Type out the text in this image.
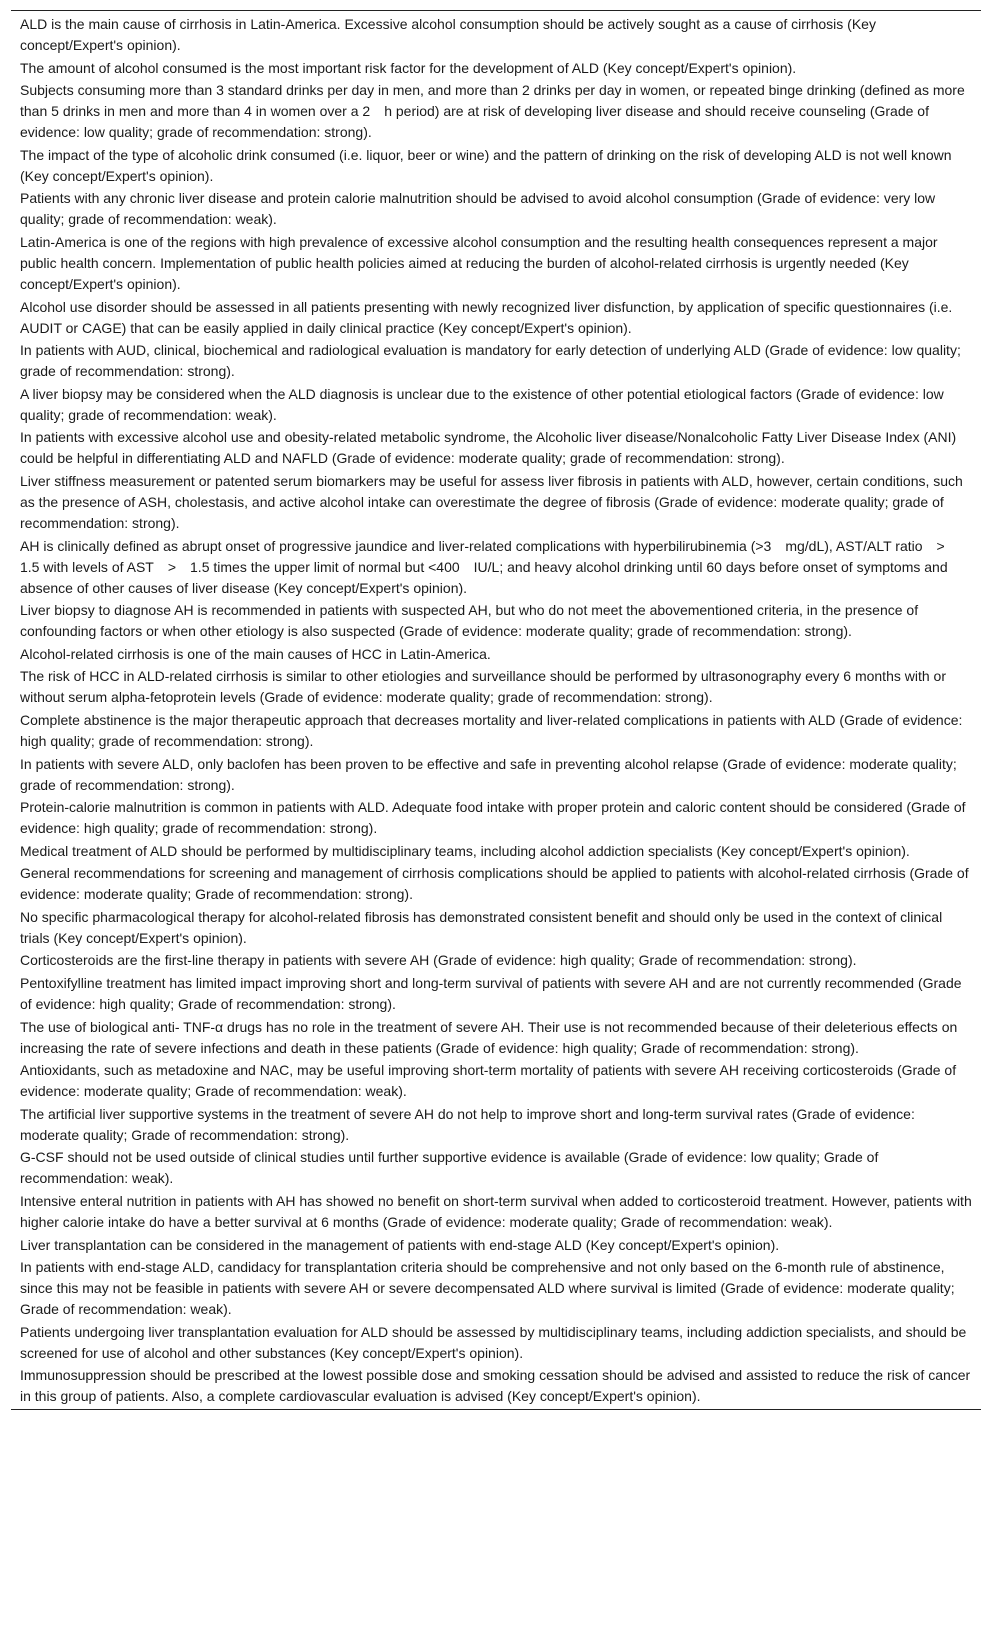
ALD is the main cause of cirrhosis in Latin-America. Excessive alcohol consumption should be actively sought as a cause of cirrhosis (Key concept/Expert's opinion).
The amount of alcohol consumed is the most important risk factor for the development of ALD (Key concept/Expert's opinion).
Subjects consuming more than 3 standard drinks per day in men, and more than 2 drinks per day in women, or repeated binge drinking (defined as more than 5 drinks in men and more than 4 in women over a 2    h period) are at risk of developing liver disease and should receive counseling (Grade of evidence: low quality; grade of recommendation: strong).
The impact of the type of alcoholic drink consumed (i.e. liquor, beer or wine) and the pattern of drinking on the risk of developing ALD is not well known (Key concept/Expert's opinion).
Patients with any chronic liver disease and protein calorie malnutrition should be advised to avoid alcohol consumption (Grade of evidence: very low quality; grade of recommendation: weak).
Latin-America is one of the regions with high prevalence of excessive alcohol consumption and the resulting health consequences represent a major public health concern. Implementation of public health policies aimed at reducing the burden of alcohol-related cirrhosis is urgently needed (Key concept/Expert's opinion).
Alcohol use disorder should be assessed in all patients presenting with newly recognized liver disfunction, by application of specific questionnaires (i.e. AUDIT or CAGE) that can be easily applied in daily clinical practice (Key concept/Expert's opinion).
In patients with AUD, clinical, biochemical and radiological evaluation is mandatory for early detection of underlying ALD (Grade of evidence: low quality; grade of recommendation: strong).
A liver biopsy may be considered when the ALD diagnosis is unclear due to the existence of other potential etiological factors (Grade of evidence: low quality; grade of recommendation: weak).
In patients with excessive alcohol use and obesity-related metabolic syndrome, the Alcoholic liver disease/Nonalcoholic Fatty Liver Disease Index (ANI) could be helpful in differentiating ALD and NAFLD (Grade of evidence: moderate quality; grade of recommendation: strong).
Liver stiffness measurement or patented serum biomarkers may be useful for assess liver fibrosis in patients with ALD, however, certain conditions, such as the presence of ASH, cholestasis, and active alcohol intake can overestimate the degree of fibrosis (Grade of evidence: moderate quality; grade of recommendation: strong).
AH is clinically defined as abrupt onset of progressive jaundice and liver-related complications with hyperbilirubinemia (>3    mg/dL), AST/ALT ratio    >    1.5 with levels of AST    >    1.5 times the upper limit of normal but <400    IU/L; and heavy alcohol drinking until 60 days before onset of symptoms and absence of other causes of liver disease (Key concept/Expert's opinion).
Liver biopsy to diagnose AH is recommended in patients with suspected AH, but who do not meet the abovementioned criteria, in the presence of confounding factors or when other etiology is also suspected (Grade of evidence: moderate quality; grade of recommendation: strong).
Alcohol-related cirrhosis is one of the main causes of HCC in Latin-America.
The risk of HCC in ALD-related cirrhosis is similar to other etiologies and surveillance should be performed by ultrasonography every 6 months with or without serum alpha-fetoprotein levels (Grade of evidence: moderate quality; grade of recommendation: strong).
Complete abstinence is the major therapeutic approach that decreases mortality and liver-related complications in patients with ALD (Grade of evidence: high quality; grade of recommendation: strong).
In patients with severe ALD, only baclofen has been proven to be effective and safe in preventing alcohol relapse (Grade of evidence: moderate quality; grade of recommendation: strong).
Protein-calorie malnutrition is common in patients with ALD. Adequate food intake with proper protein and caloric content should be considered (Grade of evidence: high quality; grade of recommendation: strong).
Medical treatment of ALD should be performed by multidisciplinary teams, including alcohol addiction specialists (Key concept/Expert's opinion).
General recommendations for screening and management of cirrhosis complications should be applied to patients with alcohol-related cirrhosis (Grade of evidence: moderate quality; Grade of recommendation: strong).
No specific pharmacological therapy for alcohol-related fibrosis has demonstrated consistent benefit and should only be used in the context of clinical trials (Key concept/Expert's opinion).
Corticosteroids are the first-line therapy in patients with severe AH (Grade of evidence: high quality; Grade of recommendation: strong).
Pentoxifylline treatment has limited impact improving short and long-term survival of patients with severe AH and are not currently recommended (Grade of evidence: high quality; Grade of recommendation: strong).
The use of biological anti- TNF-α drugs has no role in the treatment of severe AH. Their use is not recommended because of their deleterious effects on increasing the rate of severe infections and death in these patients (Grade of evidence: high quality; Grade of recommendation: strong).
Antioxidants, such as metadoxine and NAC, may be useful improving short-term mortality of patients with severe AH receiving corticosteroids (Grade of evidence: moderate quality; Grade of recommendation: weak).
The artificial liver supportive systems in the treatment of severe AH do not help to improve short and long-term survival rates (Grade of evidence: moderate quality; Grade of recommendation: strong).
G-CSF should not be used outside of clinical studies until further supportive evidence is available (Grade of evidence: low quality; Grade of recommendation: weak).
Intensive enteral nutrition in patients with AH has showed no benefit on short-term survival when added to corticosteroid treatment. However, patients with higher calorie intake do have a better survival at 6 months (Grade of evidence: moderate quality; Grade of recommendation: weak).
Liver transplantation can be considered in the management of patients with end-stage ALD (Key concept/Expert's opinion).
In patients with end-stage ALD, candidacy for transplantation criteria should be comprehensive and not only based on the 6-month rule of abstinence, since this may not be feasible in patients with severe AH or severe decompensated ALD where survival is limited (Grade of evidence: moderate quality; Grade of recommendation: weak).
Patients undergoing liver transplantation evaluation for ALD should be assessed by multidisciplinary teams, including addiction specialists, and should be screened for use of alcohol and other substances (Key concept/Expert's opinion).
Immunosuppression should be prescribed at the lowest possible dose and smoking cessation should be advised and assisted to reduce the risk of cancer in this group of patients. Also, a complete cardiovascular evaluation is advised (Key concept/Expert's opinion).
